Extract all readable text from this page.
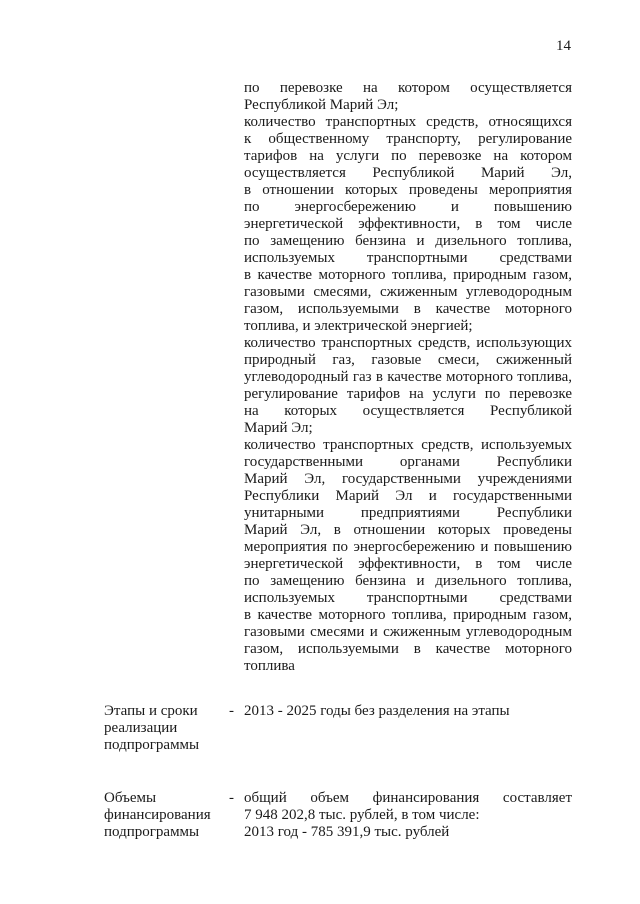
14
по перевозке на котором осуществляется
Республикой Марий Эл;
количество транспортных средств, относящихся
к общественному транспорту, регулирование
тарифов на услуги по перевозке на котором
осуществляется Республикой Марий Эл,
в отношении которых проведены мероприятия
по энергосбережению и повышению
энергетической эффективности, в том числе
по замещению бензина и дизельного топлива,
используемых транспортными средствами
в качестве моторного топлива, природным газом,
газовыми смесями, сжиженным углеводородным
газом, используемыми в качестве моторного
топлива, и электрической энергией;
количество транспортных средств, использующих
природный газ, газовые смеси, сжиженный
углеводородный газ в качестве моторного топлива,
регулирование тарифов на услуги по перевозке
на которых осуществляется Республикой
Марий Эл;
количество транспортных средств, используемых
государственными органами Республики
Марий Эл, государственными учреждениями
Республики Марий Эл и государственными
унитарными предприятиями Республики
Марий Эл, в отношении которых проведены
мероприятия по энергосбережению и повышению
энергетической эффективности, в том числе
по замещению бензина и дизельного топлива,
используемых транспортными средствами
в качестве моторного топлива, природным газом,
газовыми смесями и сжиженным углеводородным
газом, используемыми в качестве моторного
топлива
Этапы и сроки
реализации
подпрограммы
- 2013 - 2025 годы без разделения на этапы
Объемы
финансирования
подпрограммы
- общий объем финансирования составляет
7 948 202,8 тыс. рублей, в том числе:
2013 год - 785 391,9 тыс. рублей
